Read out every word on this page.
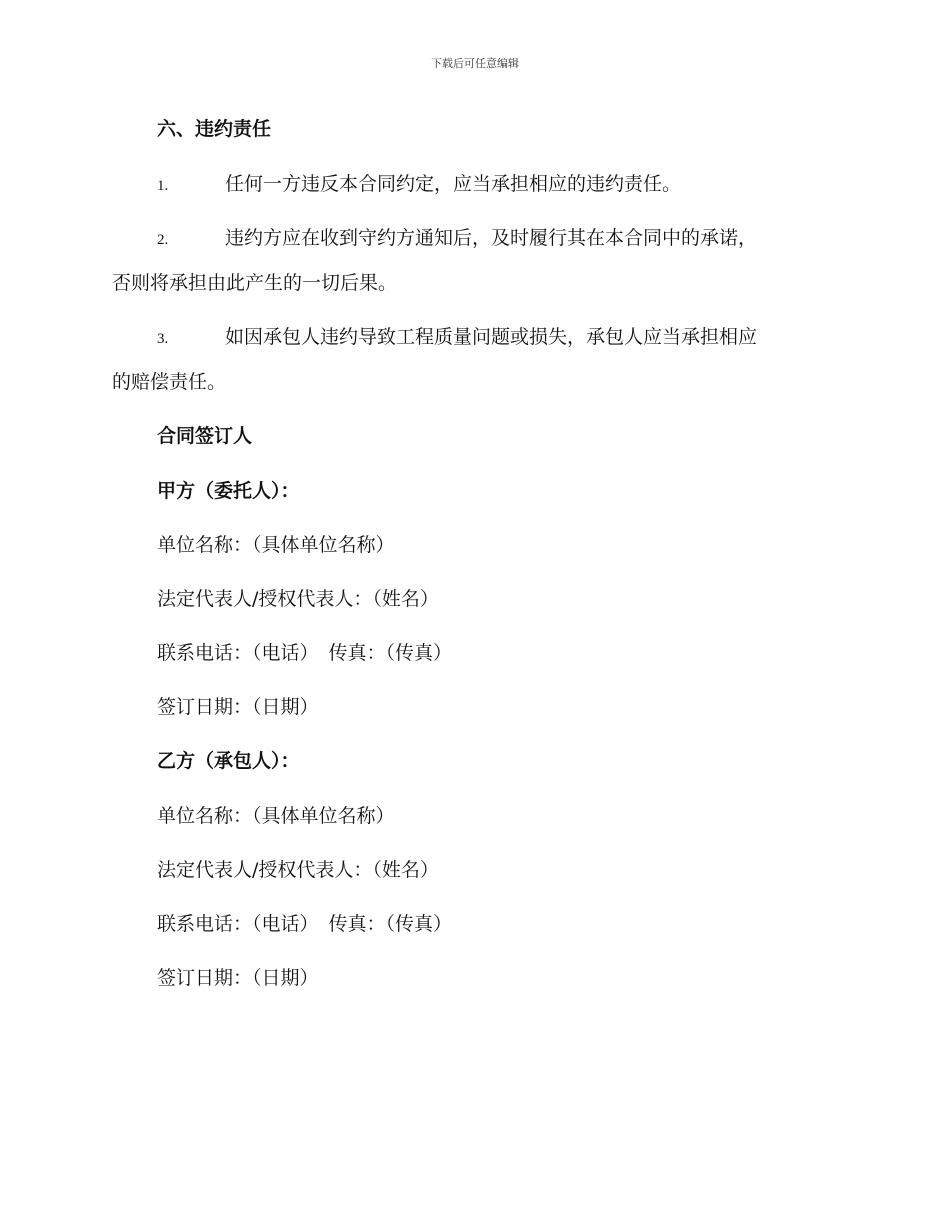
下载后可任意编辑
六、违约责任
1.	任何一方违反本合同约定，应当承担相应的违约责任。
2.	违约方应在收到守约方通知后，及时履行其在本合同中的承诺，
否则将承担由此产生的一切后果。
3.	如因承包人违约导致工程质量问题或损失，承包人应当承担相应
的赔偿责任。
合同签订人
甲方（委托人）：
单位名称：（具体单位名称）
法定代表人/授权代表人：（姓名）
联系电话：（电话） 传真：（传真）
签订日期：（日期）
乙方（承包人）：
单位名称：（具体单位名称）
法定代表人/授权代表人：（姓名）
联系电话：（电话） 传真：（传真）
签订日期：（日期）
